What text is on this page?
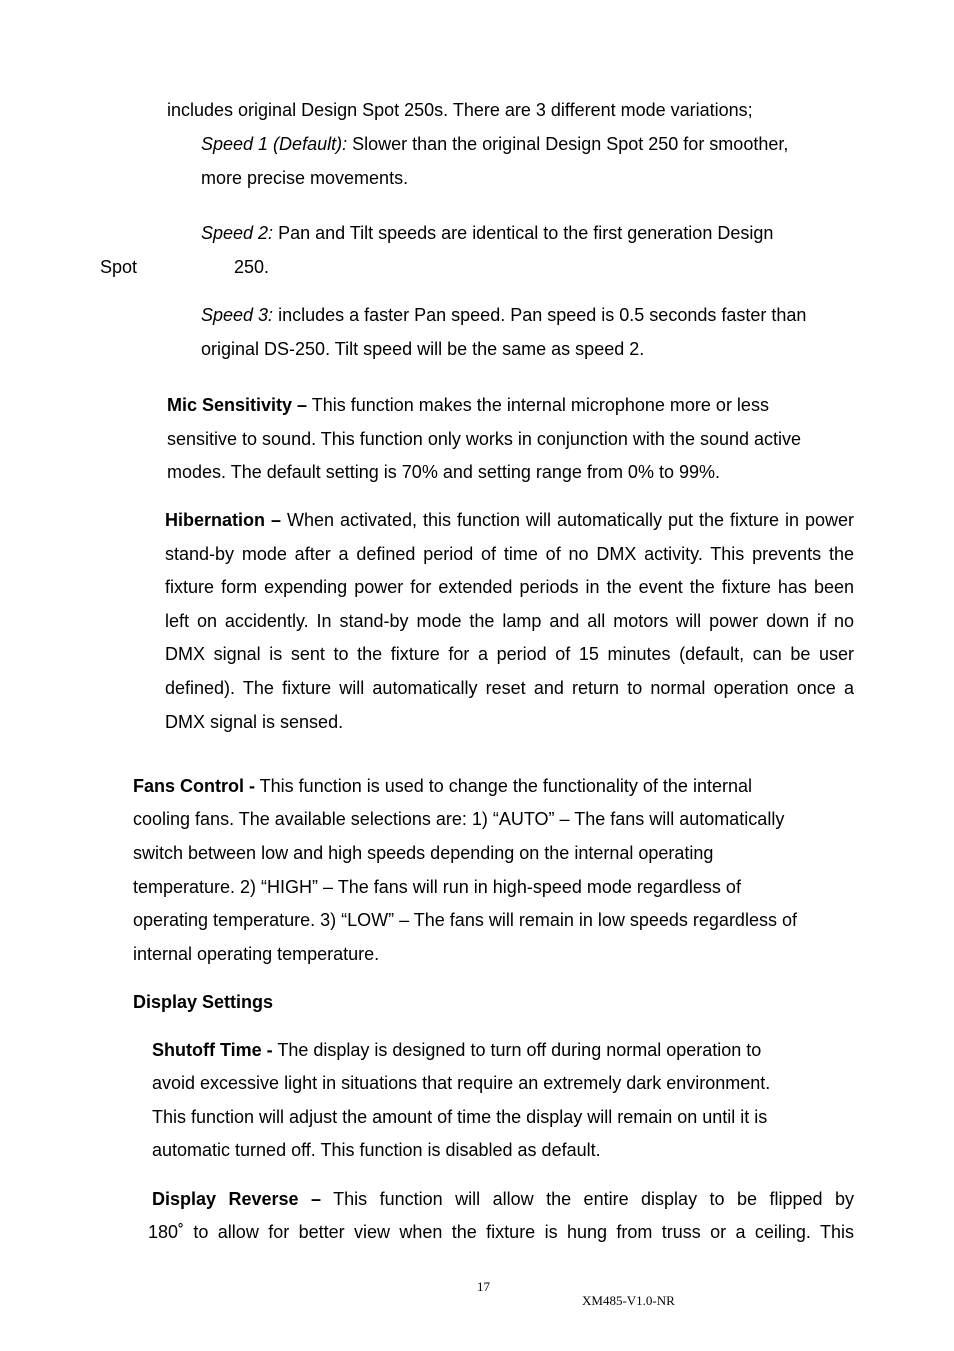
includes original Design Spot 250s. There are 3 different mode variations;
Speed 1 (Default): Slower than the original Design Spot 250 for smoother,
more precise movements.
Speed 2: Pan and Tilt speeds are identical to the first generation Design
Spot	250.
Speed 3: includes a faster Pan speed. Pan speed is 0.5 seconds faster than
original DS-250. Tilt speed will be the same as speed 2.
Mic Sensitivity – This function makes the internal microphone more or less
sensitive to sound. This function only works in conjunction with the sound active
modes. The default setting is 70% and setting range from 0% to 99%.
Hibernation – When activated, this function will automatically put the fixture in power stand-by mode after a defined period of time of no DMX activity. This prevents the fixture form expending power for extended periods in the event the fixture has been left on accidently. In stand-by mode the lamp and all motors will power down if no DMX signal is sent to the fixture for a period of 15 minutes (default, can be user defined). The fixture will automatically reset and return to normal operation once a DMX signal is sensed.
Fans Control - This function is used to change the functionality of the internal
cooling fans. The available selections are: 1) “AUTO” – The fans will automatically
switch between low and high speeds depending on the internal operating
temperature. 2) “HIGH” – The fans will run in high-speed mode regardless of
operating temperature. 3) “LOW” – The fans will remain in low speeds regardless of
internal operating temperature.
Display Settings
Shutoff Time - The display is designed to turn off during normal operation to
avoid excessive light in situations that require an extremely dark environment.
This function will adjust the amount of time the display will remain on until it is
automatic turned off. This function is disabled as default.
Display Reverse – This function will allow the entire display to be flipped by
180˚ to allow for better view when the fixture is hung from truss or a ceiling. This
17
XM485-V1.0-NR
